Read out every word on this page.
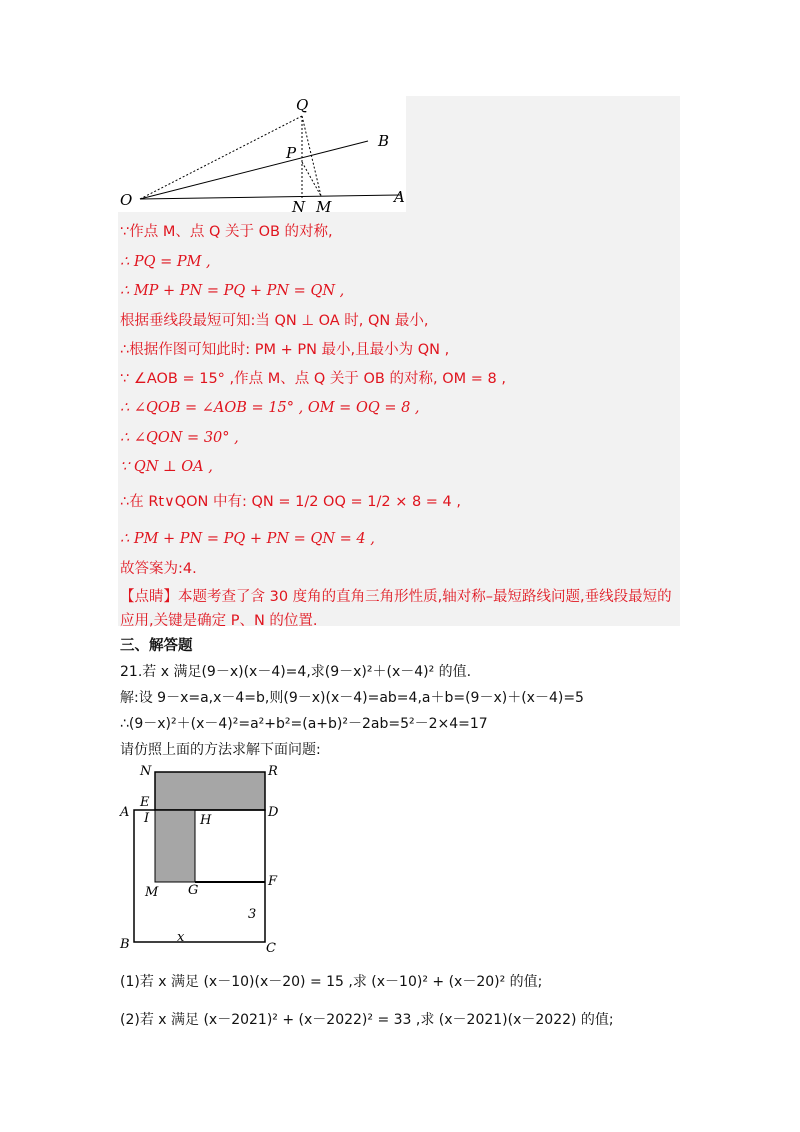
Q
P
B
O	N M
A
∵作点 M、点 Q 关于 OB 的对称,
∴ PQ = PM ,
∴ MP + PN = PQ + PN = QN ,
根据垂线段最短可知:当 QN ⊥ OA 时, QN 最小,
∴根据作图可知此时: PM + PN 最小,且最小为 QN ,
∵ ∠AOB = 15° ,作点 M、点 Q 关于 OB 的对称, OM = 8 ,
∴ ∠QOB = ∠AOB = 15° , OM = OQ = 8 ,
∴ ∠QON = 30° ,
∵ QN ⊥ OA ,
∴在 Rt∨QON 中有: QN = 1/2 OQ = 1/2 × 8 = 4 ,
∴ PM + PN = PQ + PN = QN = 4 ,
故答案为:4.
【点睛】本题考查了含 30 度角的直角三角形性质,轴对称–最短路线问题,垂线段最短的
应用,关键是确定 P、N 的位置.
三、解答题
21.若 x 满足(9－x)(x－4)=4,求(9－x)²＋(x－4)² 的值.
解:设 9－x=a,x－4=b,则(9－x)(x－4)=ab=4,a＋b=(9－x)＋(x－4)=5
∴(9－x)²＋(x－4)²=a²+b²=(a+b)²－2ab=5²－2×4=17
请仿照上面的方法求解下面问题:
N	R
E
A	D
I	H
M G
F
3
B	x
C
(1)若 x 满足 (x－10)(x－20) = 15 ,求 (x－10)² + (x－20)² 的值;
(2)若 x 满足 (x－2021)² + (x－2022)² = 33 ,求 (x－2021)(x－2022) 的值;
